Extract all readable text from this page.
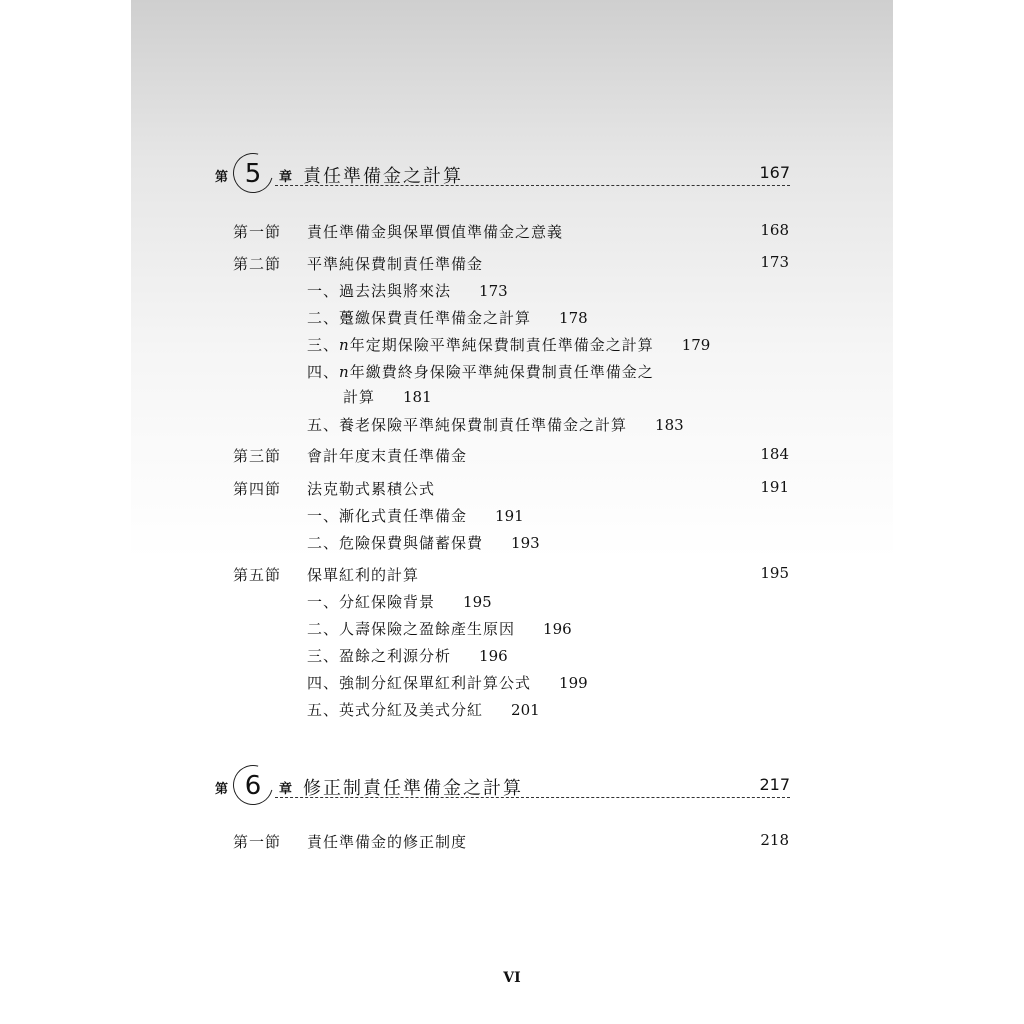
第 5	章 責任準備金之計算	167
第一節 責任準備金與保單價值準備金之意義	168
第二節 平準純保費制責任準備金	173
一、過去法與將來法 173
二、躉繳保費責任準備金之計算 178
三、n年定期保險平準純保費制責任準備金之計算 179
四、n年繳費終身保險平準純保費制責任準備金之
計算 181
五、養老保險平準純保費制責任準備金之計算 183
第三節 會計年度末責任準備金	184
第四節 法克勒式累積公式	191
一、漸化式責任準備金 191
二、危險保費與儲蓄保費 193
第五節 保單紅利的計算	195
一、分紅保險背景 195
二、人壽保險之盈餘產生原因 196
三、盈餘之利源分析 196
四、強制分紅保單紅利計算公式 199
五、英式分紅及美式分紅 201
第 6	章 修正制責任準備金之計算	217
第一節 責任準備金的修正制度	218
VI
